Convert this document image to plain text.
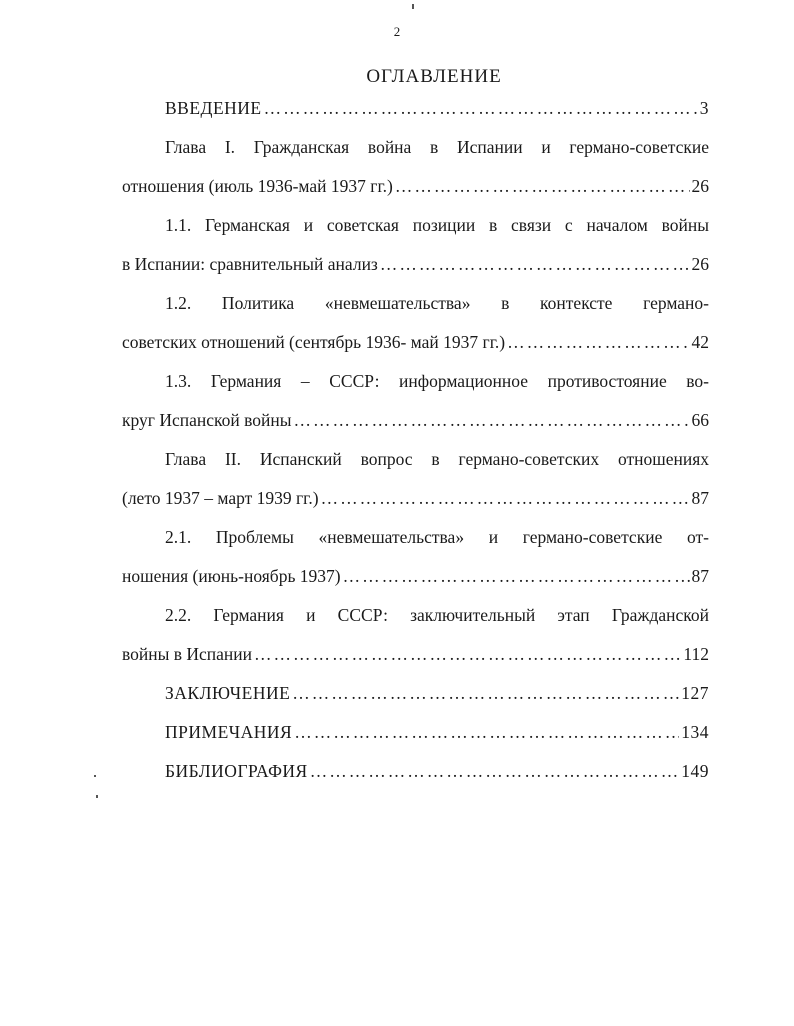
2
ОГЛАВЛЕНИЕ
ВВЕДЕНИЕ ………………………………………………………………………………………………………………………………………	3
Глава I. Гражданская война в Испании и германо-советские
отношения (июль 1936-май 1937 гг.) ………………………………………………………………………………………………………………………………………	26
1.1. Германская и советская позиции в связи с началом войны
в Испании: сравнительный анализ ………………………………………………………………………………………………………………………………………	26
1.2. Политика «невмешательства» в контексте германо-
советских отношений (сентябрь 1936- май 1937 гг.) ………………………………………………………………………………………………………………………………………	42
1.3. Германия – СССР: информационное противостояние во-
круг Испанской войны ………………………………………………………………………………………………………………………………………	66
Глава II. Испанский вопрос в германо-советских отношениях
(лето 1937 – март 1939 гг.) ………………………………………………………………………………………………………………………………………	87
2.1. Проблемы «невмешательства» и германо-советские от-
ношения (июнь-ноябрь 1937) ………………………………………………………………………………………………………………………………………	87
2.2. Германия и СССР: заключительный этап Гражданской
войны в Испании ………………………………………………………………………………………………………………………………………	112
ЗАКЛЮЧЕНИЕ ………………………………………………………………………………………………………………………………………	127
ПРИМЕЧАНИЯ ………………………………………………………………………………………………………………………………………	134
БИБЛИОГРАФИЯ ………………………………………………………………………………………………………………………………………	149
